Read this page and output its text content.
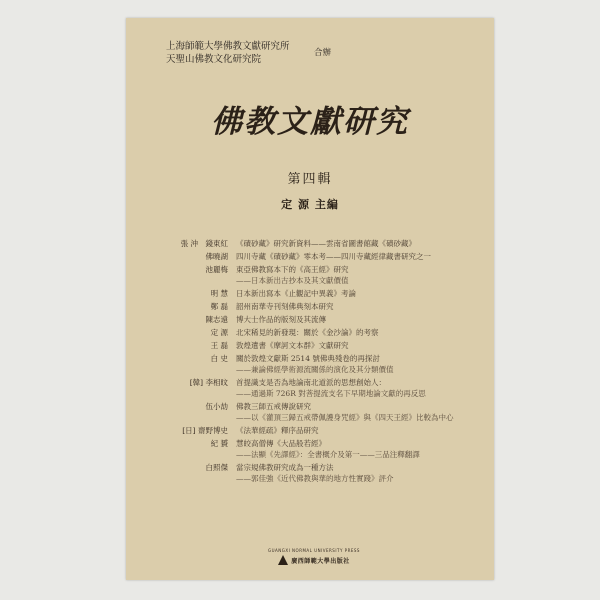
上海師範大學佛教文獻研究所
天聖山佛教文化研究院
合辦
佛教文獻研究
第四輯
定 源 主編
張 沖　錢東紅	《磧砂藏》研究新資料——雲南省圖書館藏《磧砂藏》
佛曉湖	四川寺藏《磧砂藏》零本考——四川寺藏經律藏書研究之一
池麗梅	東亞佛教寫本下的《高王經》研究
——日本新出古抄本及其文獻價值
明 慧	日本新出寫本《止觀記中異義》考論
鄭 磊	韶州南華寺刊刻佛典刻本研究
陳志遠	博大士作品的版刻及其流傳
定 源	北宋稀見的新發現：關於《金沙論》的考察
王 磊	敦煌遺書《摩訶文本群》文獻研究
白 史	關於敦煌文獻斯 2514 號佛典殘卷的再探討
——兼論佛經學術源流關係的演化及其分類價值
[韓] 李相旼	首提識支是否為地論南北道派的思想創始人：
——通過斯 726R 對菩提流支名下早期地論文獻的再反思
伍小劼	佛教三師五戒傳說研究
——以《灌頂三歸五戒帶佩護身咒經》與《四天王經》比較為中心
[日] 齋野博史	《法華經疏》釋序品研究
紀 贇	慧皎高僧傳《大品般若經》
——法顯《先譯經》：全書概介及第一——三品注釋翻譯
白照傑	當宗規佛教研究成為一種方法
——郭佳強《近代佛教與華的地方性實踐》評介
GUANGXI NORMAL UNIVERSITY PRESS
廣西師範大學出版社
